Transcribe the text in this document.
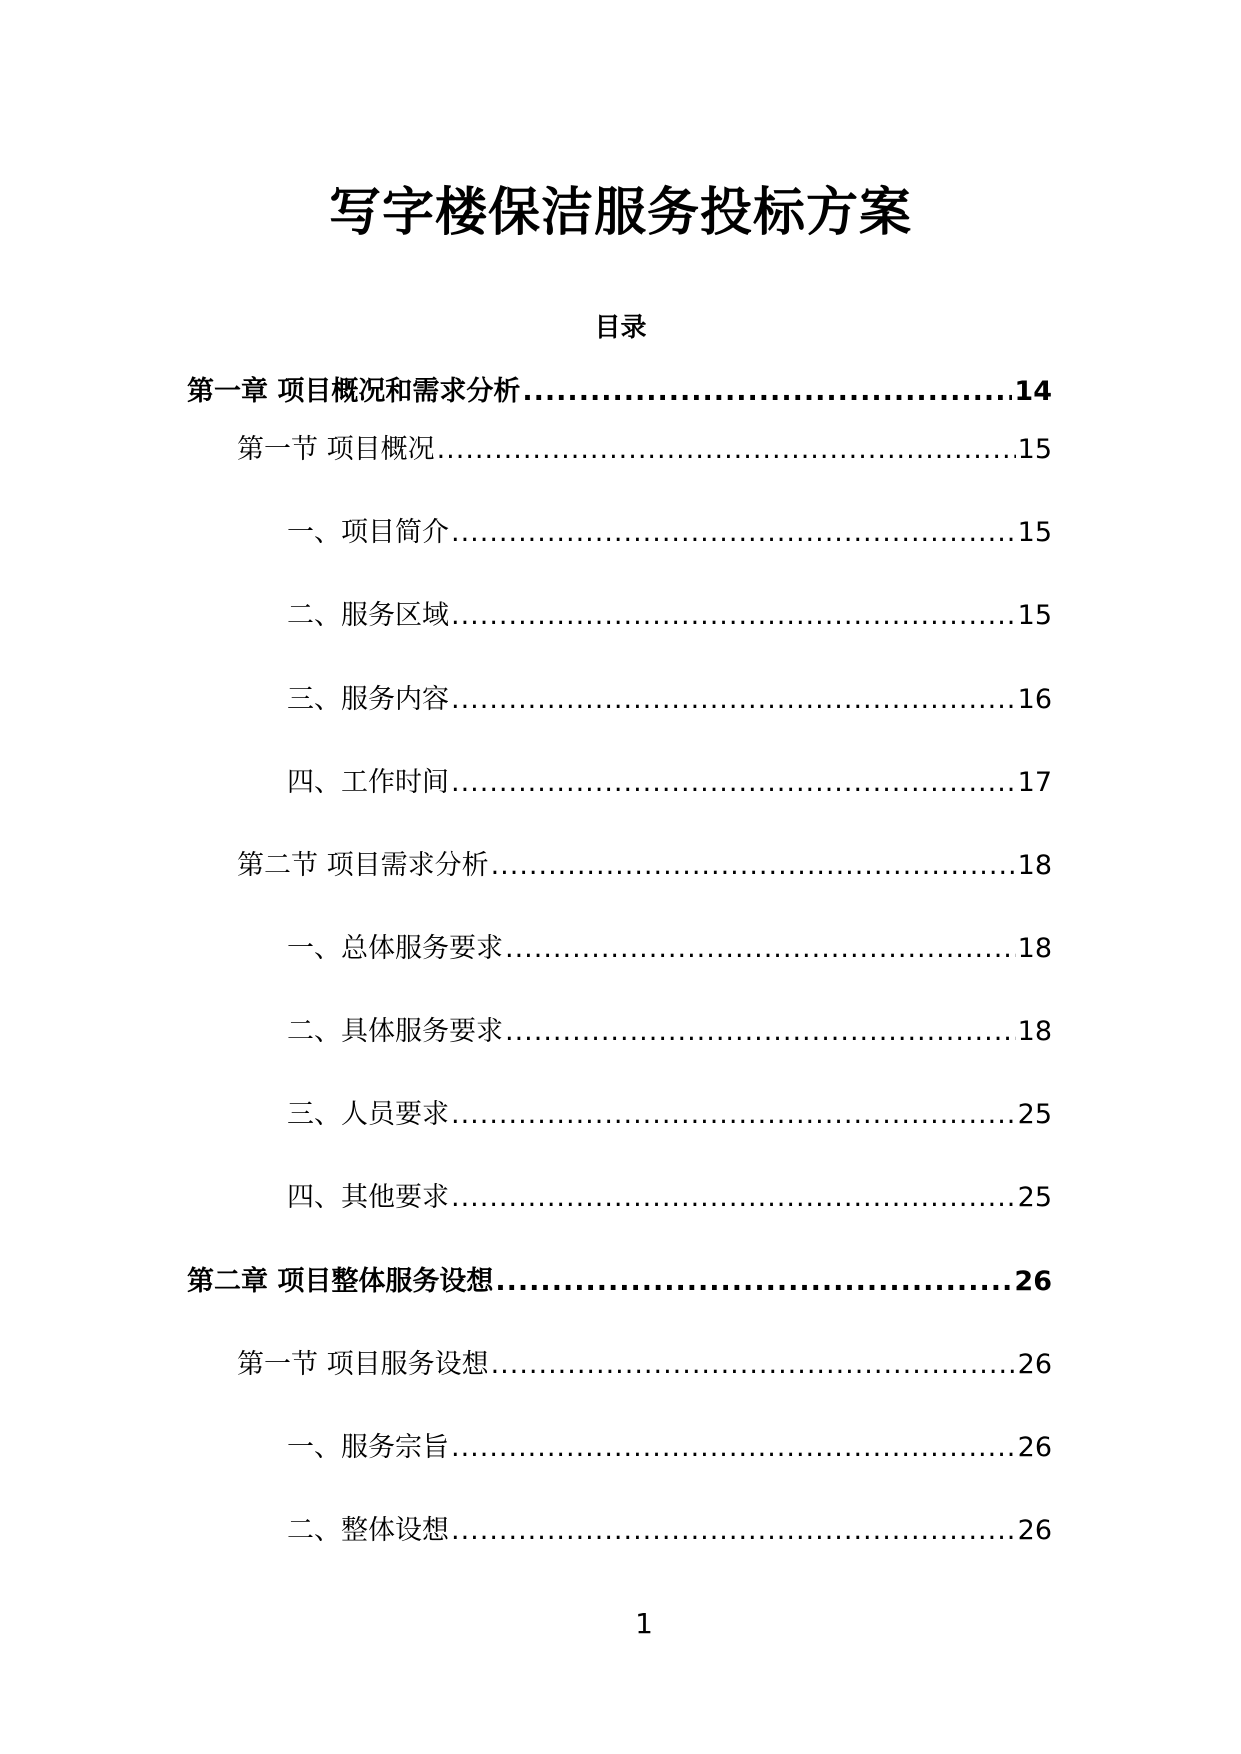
写字楼保洁服务投标方案
目录
第一章 项目概况和需求分析 .....	14
第一节 项目概况 .....	15
一、项目简介 .....	15
二、服务区域 .....	15
三、服务内容 .....	16
四、工作时间 .....	17
第二节 项目需求分析 .....	18
一、总体服务要求 .....	18
二、具体服务要求 .....	18
三、人员要求 .....	25
四、其他要求 .....	25
第二章 项目整体服务设想 .....	26
第一节 项目服务设想 .....	26
一、服务宗旨 .....	26
二、整体设想 .....	26
1
